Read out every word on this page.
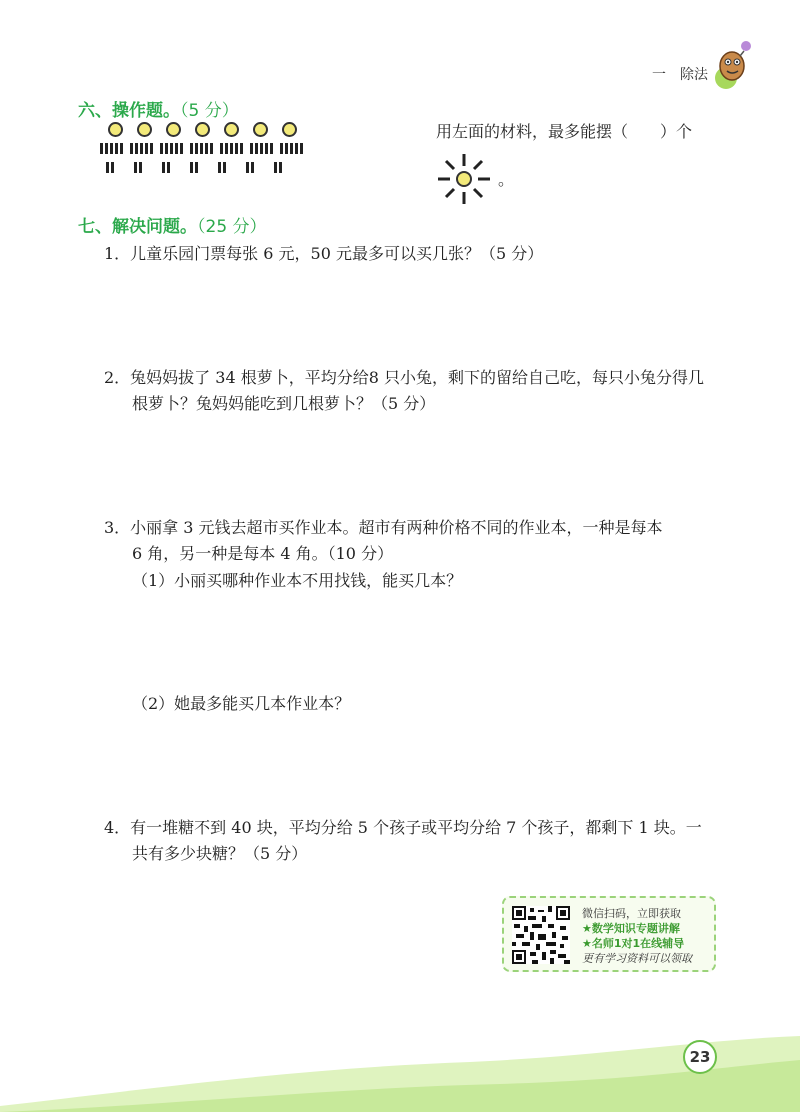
一　除法
六、操作题。（5 分）
用左面的材料，最多能摆（　　）个
。
七、解决问题。（25 分）
1．儿童乐园门票每张 6 元，50 元最多可以买几张？（5 分）
2．兔妈妈拔了 34 根萝卜，平均分给8 只小兔，剩下的留给自己吃，每只小兔分得几
根萝卜？兔妈妈能吃到几根萝卜？（5 分）
3．小丽拿 3 元钱去超市买作业本。超市有两种价格不同的作业本，一种是每本
6 角，另一种是每本 4 角。（10 分）
（1）小丽买哪种作业本不用找钱，能买几本？
（2）她最多能买几本作业本？
4．有一堆糖不到 40 块，平均分给 5 个孩子或平均分给 7 个孩子，都剩下 1 块。一
共有多少块糖？（5 分）
微信扫码，立即获取
★数学知识专题讲解
★名师1对1在线辅导
更有学习资料可以领取
23
